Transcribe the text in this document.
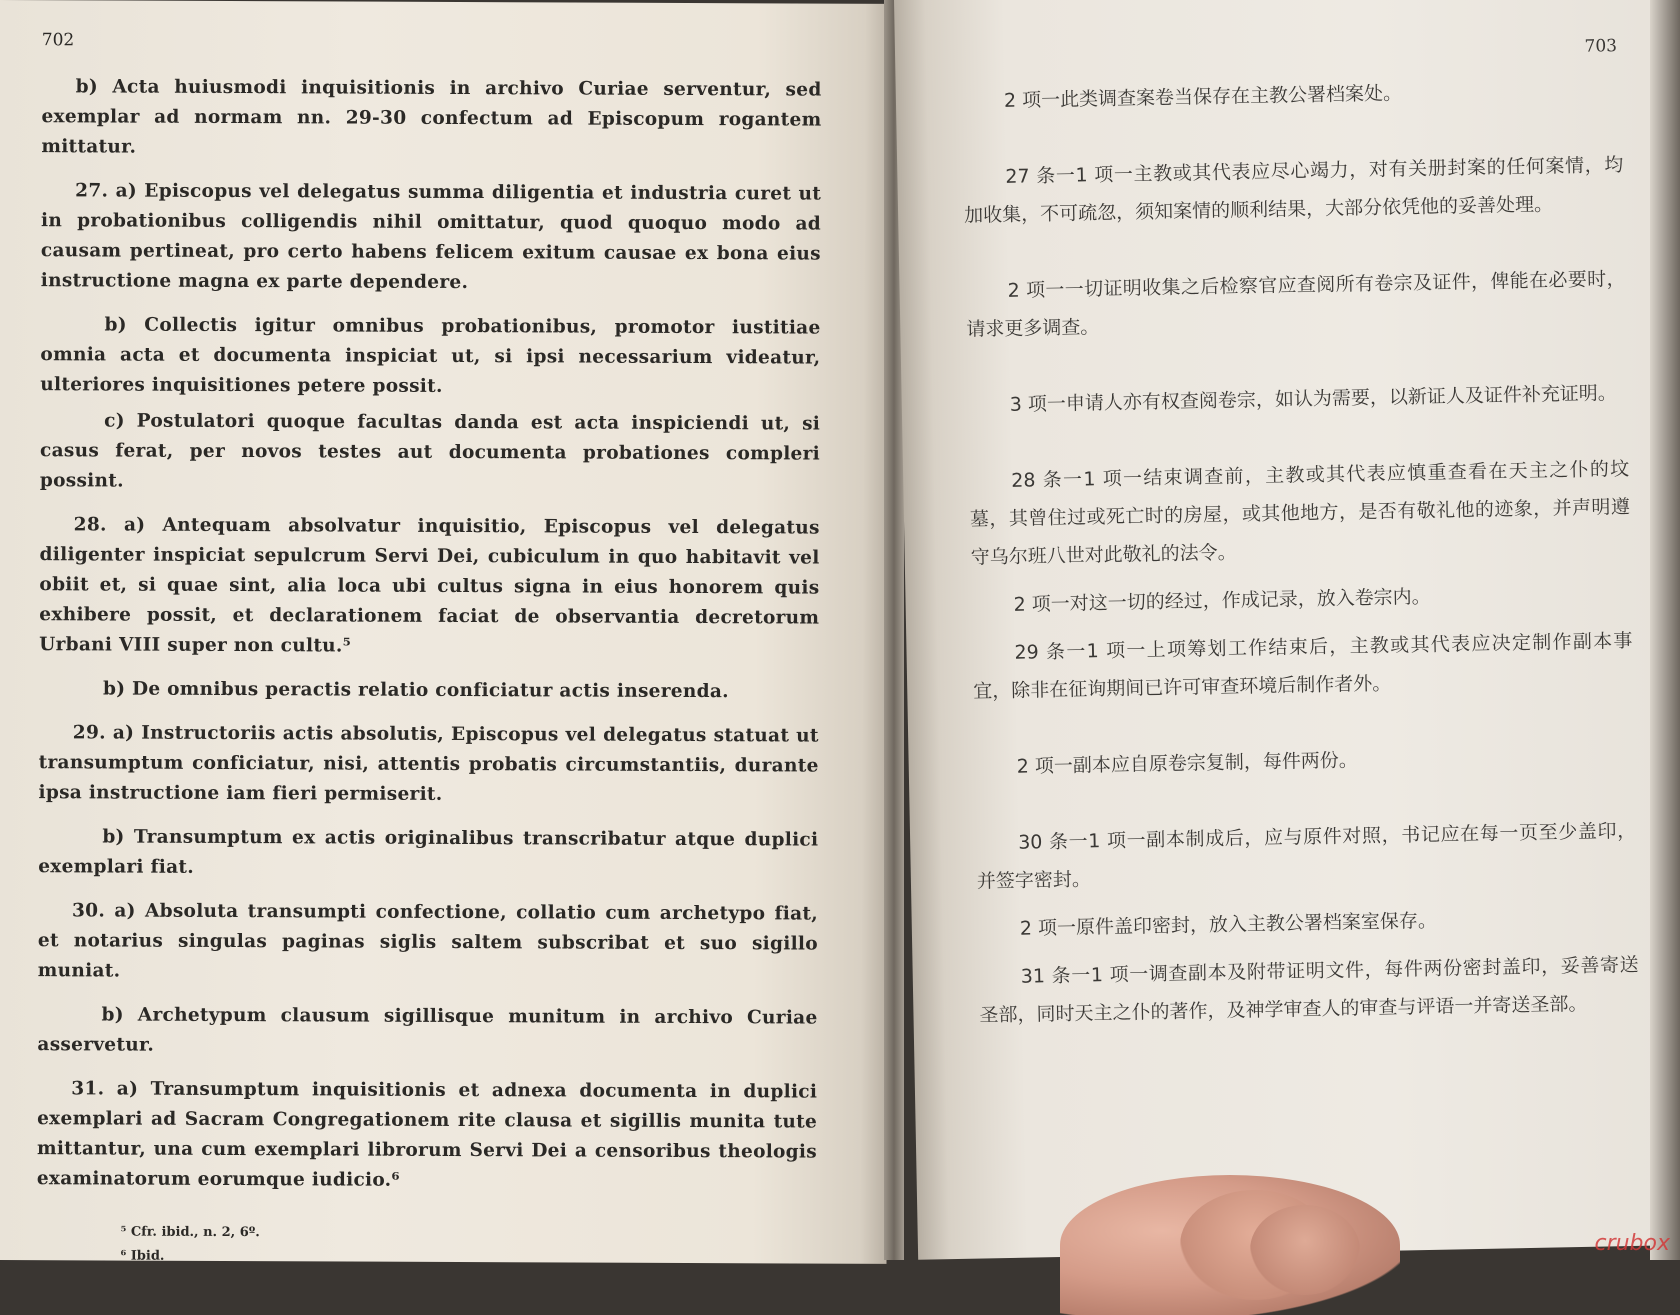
702

b) Acta huiusmodi inquisitionis in archivo Curiae serventur, sed exemplar ad normam nn. 29-30 confectum ad Episcopum rogantem mittatur.

27. a) Episcopus vel delegatus summa diligentia et industria curet ut in probationibus colligendis nihil omittatur, quod quoquo modo ad causam pertineat, pro certo habens felicem exitum causae ex bona eius instructione magna ex parte dependere.

b) Collectis igitur omnibus probationibus, promotor iustitiae omnia acta et documenta inspiciat ut, si ipsi necessarium videatur, ulteriores inquisitiones petere possit.

c) Postulatori quoque facultas danda est acta inspiciendi ut, si casus ferat, per novos testes aut documenta probationes compleri possint.

28. a) Antequam absolvatur inquisitio, Episcopus vel delegatus diligenter inspiciat sepulcrum Servi Dei, cubiculum in quo habitavit vel obiit et, si quae sint, alia loca ubi cultus signa in eius honorem quis exhibere possit, et declarationem faciat de observantia decretorum Urbani VIII super non cultu.⁵

b) De omnibus peractis relatio conficiatur actis inserenda.

29. a) Instructoriis actis absolutis, Episcopus vel delegatus statuat ut transumptum conficiatur, nisi, attentis probatis circumstantiis, durante ipsa instructione iam fieri permiserit.

b) Transumptum ex actis originalibus transcribatur atque duplici exemplari fiat.

30. a) Absoluta transumpti confectione, collatio cum archetypo fiat, et notarius singulas paginas siglis saltem subscribat et suo sigillo muniat.

b) Archetypum clausum sigillisque munitum in archivo Curiae asservetur.

31. a) Transumptum inquisitionis et adnexa documenta in duplici exemplari ad Sacram Congregationem rite clausa et sigillis munita tute mittantur, una cum exemplari librorum Servi Dei a censoribus theologis examinatorum eorumque iudicio.⁶

⁵ Cfr. ibid., n. 2, 6º.
⁶ Ibid.
703

2 项一此类调查案卷当保存在主教公署档案处。

27 条一1 项一主教或其代表应尽心竭力，对有关册封案的任何案情，均加收集，不可疏忽，须知案情的顺利结果，大部分依凭他的妥善处理。

2 项一一切证明收集之后检察官应查阅所有卷宗及证件，俾能在必要时，请求更多调查。

3 项一申请人亦有权查阅卷宗，如认为需要，以新证人及证件补充证明。

28 条一1 项一结束调查前，主教或其代表应慎重查看在天主之仆的坟墓，其曾住过或死亡时的房屋，或其他地方，是否有敬礼他的迹象，并声明遵守乌尔班八世对此敬礼的法令。

2 项一对这一切的经过，作成记录，放入卷宗内。

29 条一1 项一上项筹划工作结束后，主教或其代表应决定制作副本事宜，除非在征询期间已许可审查环境后制作者外。

2 项一副本应自原卷宗复制，每件两份。

30 条一1 项一副本制成后，应与原件对照，书记应在每一页至少盖印，并签字密封。

2 项一原件盖印密封，放入主教公署档案室保存。

31 条一1 项一调查副本及附带证明文件，每件两份密封盖印，妥善寄送圣部，同时天主之仆的著作，及神学审查人的审查与评语一并寄送圣部。

crubox
